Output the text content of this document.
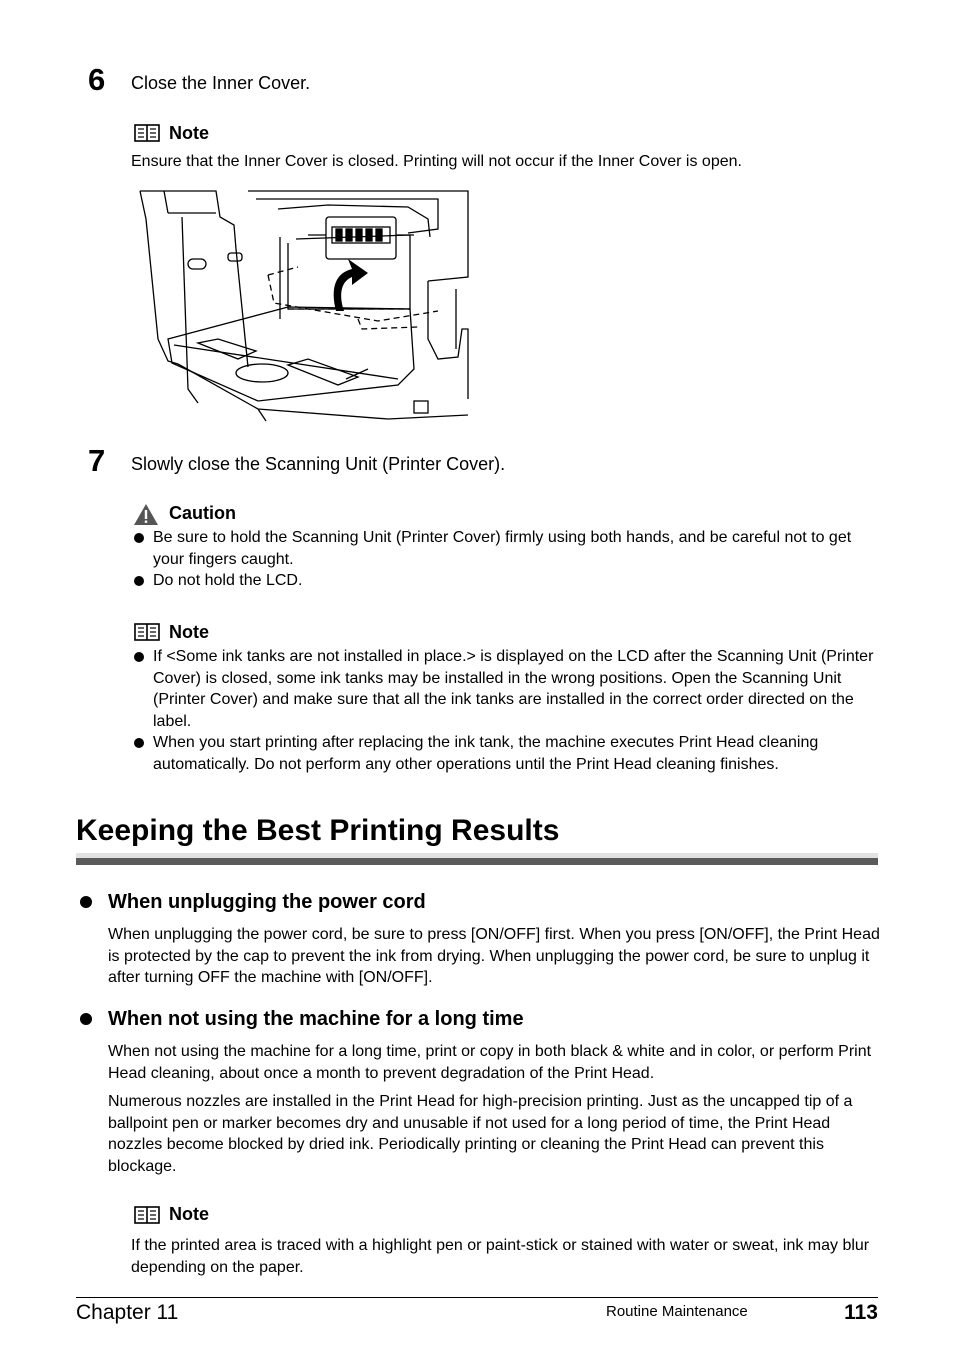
6 Close the Inner Cover.
Note
Ensure that the Inner Cover is closed. Printing will not occur if the Inner Cover is open.
7 Slowly close the Scanning Unit (Printer Cover).
Caution
Be sure to hold the Scanning Unit (Printer Cover) firmly using both hands, and be careful not to get your fingers caught.
Do not hold the LCD.
Note
If <Some ink tanks are not installed in place.> is displayed on the LCD after the Scanning Unit (Printer Cover) is closed, some ink tanks may be installed in the wrong positions. Open the Scanning Unit (Printer Cover) and make sure that all the ink tanks are installed in the correct order directed on the label.
When you start printing after replacing the ink tank, the machine executes Print Head cleaning automatically. Do not perform any other operations until the Print Head cleaning finishes.
Keeping the Best Printing Results
When unplugging the power cord
When unplugging the power cord, be sure to press [ON/OFF] first. When you press [ON/OFF], the Print Head is protected by the cap to prevent the ink from drying. When unplugging the power cord, be sure to unplug it after turning OFF the machine with [ON/OFF].
When not using the machine for a long time
When not using the machine for a long time, print or copy in both black & white and in color, or perform Print Head cleaning, about once a month to prevent degradation of the Print Head.
Numerous nozzles are installed in the Print Head for high-precision printing. Just as the uncapped tip of a ballpoint pen or marker becomes dry and unusable if not used for a long period of time, the Print Head nozzles become blocked by dried ink. Periodically printing or cleaning the Print Head can prevent this blockage.
Note
If the printed area is traced with a highlight pen or paint-stick or stained with water or sweat, ink may blur depending on the paper.
Chapter 11	Routine Maintenance	113
